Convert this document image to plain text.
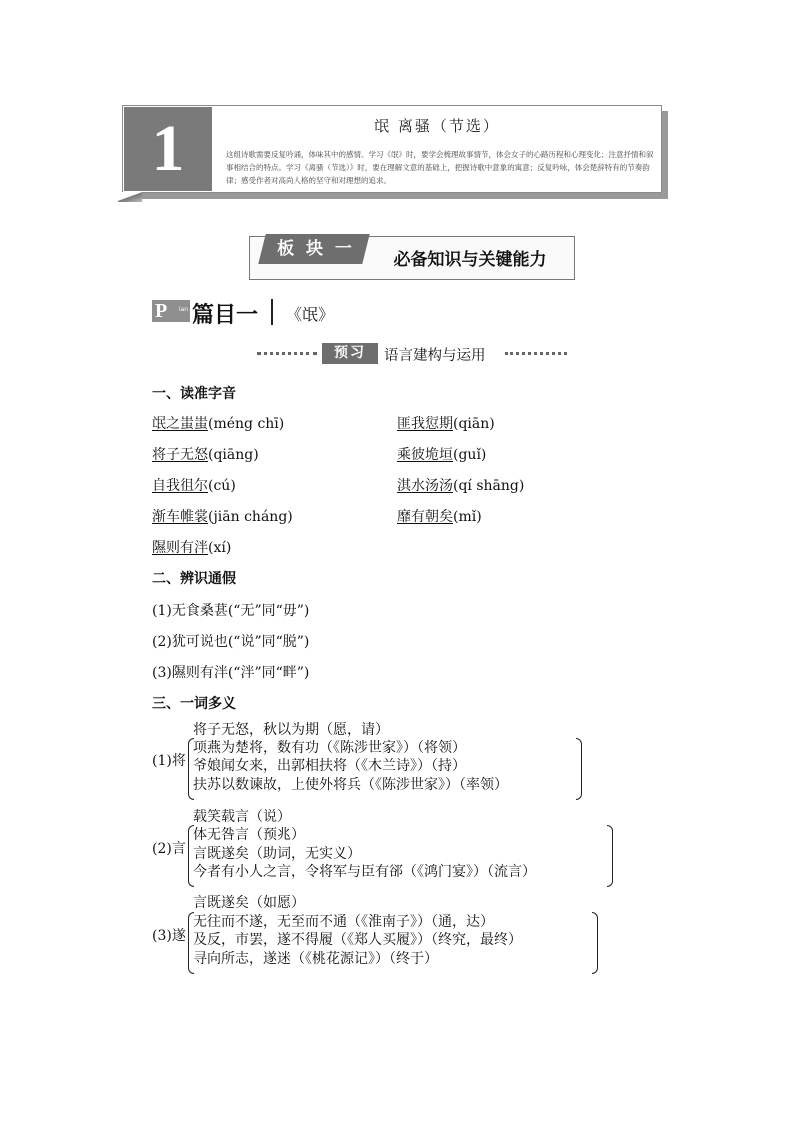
1	氓 离骚（节选）
这组诗歌需要反复吟诵，体味其中的感情。学习《氓》时，要学会梳理故事情节，体会女子的心路历程和心理变化；注意抒情和叙事相结合的特点。学习《离骚（节选）》时，要在理解文意的基础上，把握诗歌中意象的寓意；反复吟咏，体会楚辞特有的节奏韵律；感受作者对高尚人格的坚守和对理想的追求。
板 块 一
必备知识与关键能力
P ian 篇目一 《氓》
预习	语言建构与运用
一、读准字音
氓之蚩蚩(méng chī)	匪我愆期(qiān)
将子无怒(qiāng)	乘彼垝垣(guǐ)
自我徂尔(cú)	淇水汤汤(qí shāng)
渐车帷裳(jiān cháng)	靡有朝矣(mǐ)
隰则有泮(xí)
二、辨识通假
(1)无食桑葚(“无”同“毋”)
(2)犹可说也(“说”同“脱”)
(3)隰则有泮(“泮”同“畔”)
三、一词多义
(1)将
将子无怒，秋以为期（愿，请）
项燕为楚将，数有功（《陈涉世家》）（将领）
爷娘闻女来，出郭相扶将（《木兰诗》）（持）
扶苏以数谏故，上使外将兵（《陈涉世家》）（率领）
(2)言
载笑载言（说）
体无咎言（预兆）
言既遂矣（助词，无实义）
今者有小人之言，令将军与臣有郤（《鸿门宴》）（流言）
(3)遂
言既遂矣（如愿）
无往而不遂，无至而不通（《淮南子》）（通，达）
及反，市罢，遂不得履（《郑人买履》）（终究，最终）
寻向所志，遂迷（《桃花源记》）（终于）
